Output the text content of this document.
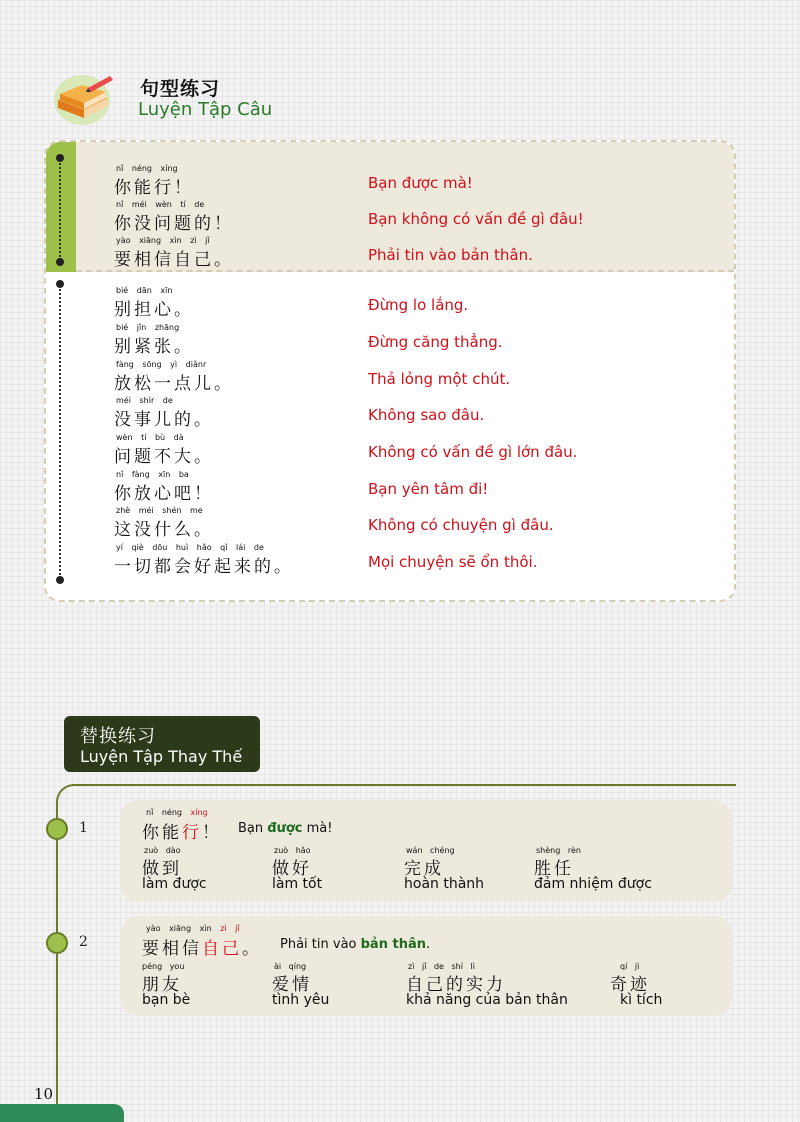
句型练习
Luyện Tập Câu
nǐ néng xíng
你能行！	Bạn được mà!
nǐ méi wèn tí de
你没问题的！	Bạn không có vấn đề gì đâu!
yào xiāng xìn zì jǐ
要相信自己。	Phải tin vào bản thân.
bié dān xīn
别担心。	Đừng lo lắng.
bié jǐn zhāng
别紧张。	Đừng căng thẳng.
fàng sōng yì diǎnr
放松一点儿。	Thả lỏng một chút.
méi shìr de
没事儿的。	Không sao đâu.
wèn tí bù dà
问题不大。	Không có vấn đề gì lớn đâu.
nǐ fàng xīn ba
你放心吧！	Bạn yên tâm đi!
zhè méi shén me
这没什么。	Không có chuyện gì đâu.
yí qiè dōu huì hǎo qǐ lái de
一切都会好起来的。	Mọi chuyện sẽ ổn thôi.
替换练习
Luyện Tập Thay Thế
1
nǐ néng xíng
你能行！ Bạn được mà!
zuò dào
做到
làm được
zuò hǎo
做好
làm tốt
wán chéng
完成
hoàn thành
shèng rèn
胜任
đảm nhiệm được
2
yào xiāng xìn zì jǐ
要相信自己。 Phải tin vào bản thân.
péng you
朋友
bạn bè
ài qíng
爱情
tình yêu
zì jǐ de shí lì
自己的实力
khả năng của bản thân
qí jì
奇迹
kì tích
10
